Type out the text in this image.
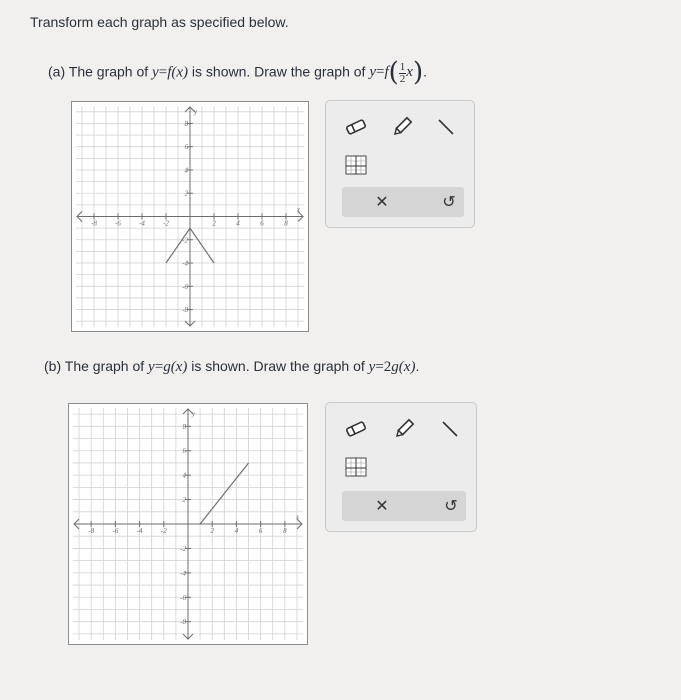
Transform each graph as specified below.
(a) The graph of y=f(x) is shown. Draw the graph of $y=f( \frac{1}{2} x)$.
-8	-6	-4	-2	2	4	6	8
8
6
4
2
-2
-4
-6
-8
x
y
✕	↺
(b) The graph of y=g(x) is shown. Draw the graph of y=2g(x).
-8	-6	-4	-2	2	4	6	8
8
6
4
2
-2
-4
-6
-8
x
y
✕	↺
